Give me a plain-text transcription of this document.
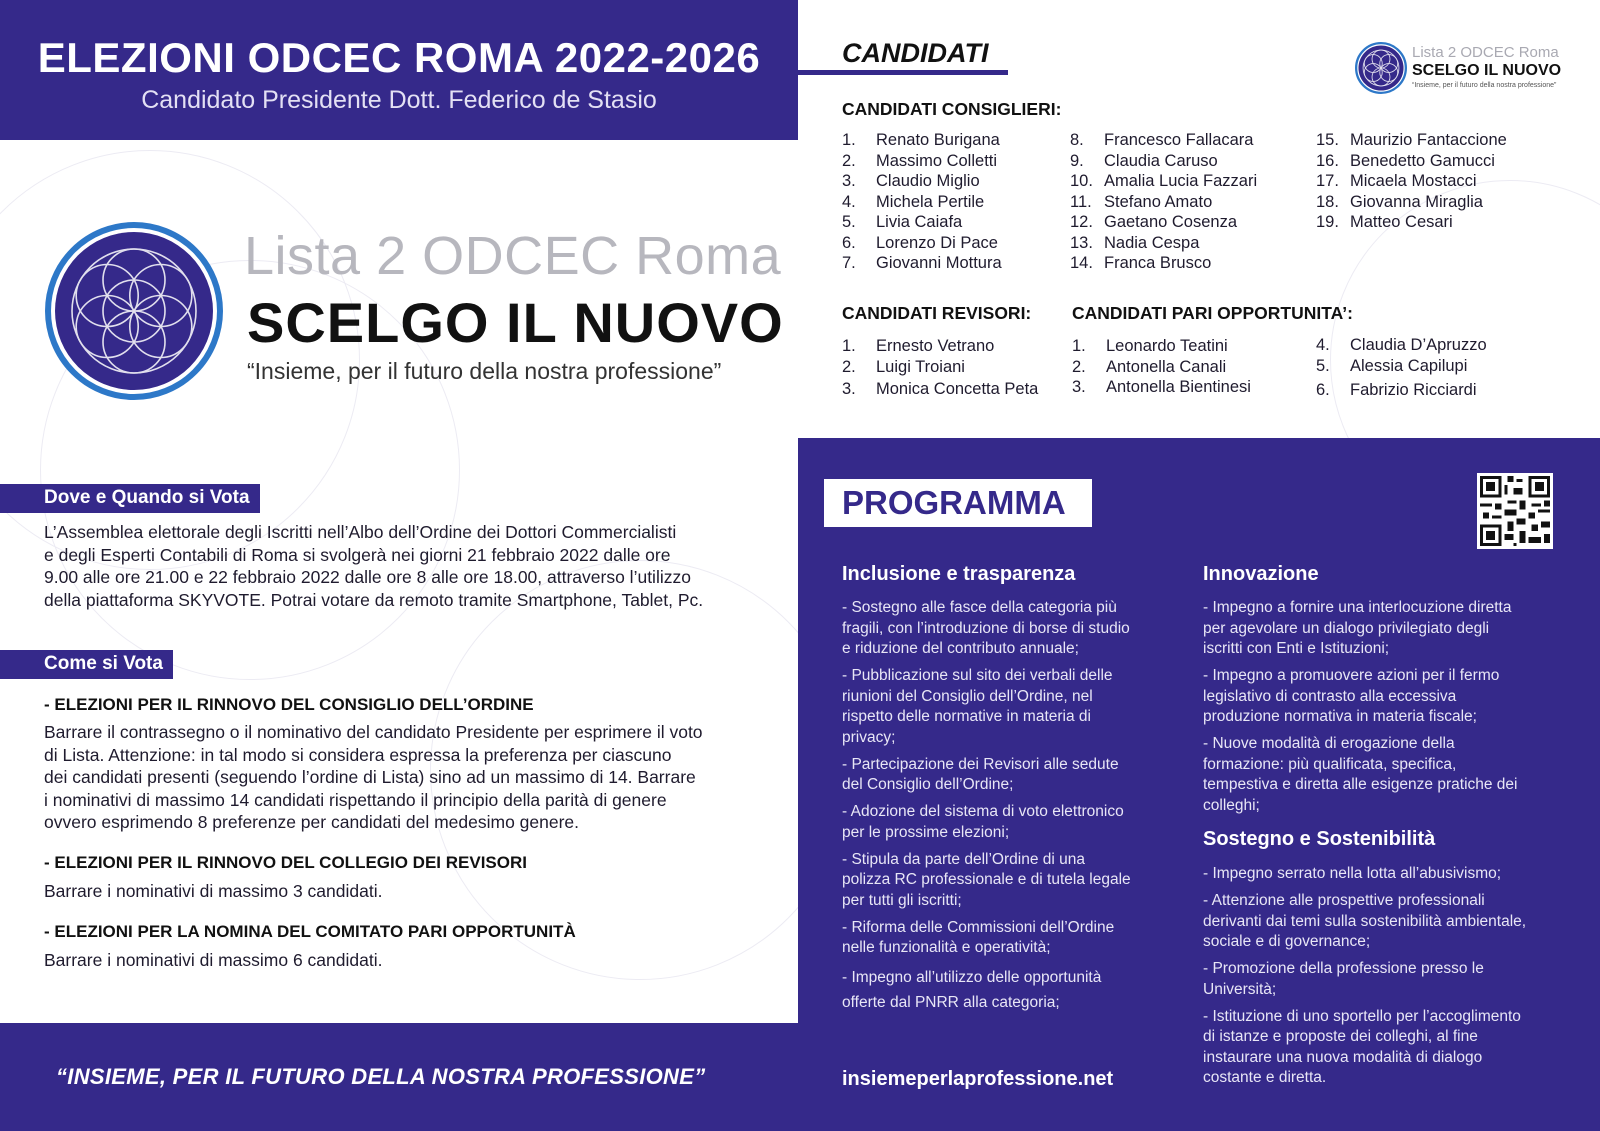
ELEZIONI ODCEC ROMA 2022-2026
Candidato Presidente Dott. Federico de Stasio
Lista 2 ODCEC Roma
SCELGO IL NUOVO
“Insieme, per il futuro della nostra professione”
Dove e Quando si Vota
L’Assemblea elettorale degli Iscritti nell’Albo dell’Ordine dei Dottori Commercialisti
e degli Esperti Contabili di Roma si svolgerà nei giorni 21 febbraio 2022 dalle ore
9.00 alle ore 21.00 e 22 febbraio 2022 dalle ore 8 alle ore 18.00, attraverso l’utilizzo
della piattaforma SKYVOTE. Potrai votare da remoto tramite Smartphone, Tablet, Pc.
Come si Vota
- ELEZIONI PER IL RINNOVO DEL CONSIGLIO DELL’ORDINE
Barrare il contrassegno o il nominativo del candidato Presidente per esprimere il voto
di Lista. Attenzione: in tal modo si considera espressa la preferenza per ciascuno
dei candidati presenti (seguendo l’ordine di Lista) sino ad un massimo di 14. Barrare
i nominativi di massimo 14 candidati rispettando il principio della parità di genere
ovvero esprimendo 8 preferenze per candidati del medesimo genere.
- ELEZIONI PER IL RINNOVO DEL COLLEGIO DEI REVISORI
Barrare i nominativi di massimo 3 candidati.
- ELEZIONI PER LA NOMINA DEL COMITATO PARI OPPORTUNITÀ
Barrare i nominativi di massimo 6 candidati.
“INSIEME, PER IL FUTURO DELLA NOSTRA PROFESSIONE”
CANDIDATI	Lista 2 ODCEC Roma
SCELGO IL NUOVO
“Insieme, per il futuro della nostra professione”
CANDIDATI CONSIGLIERI:
1.	Renato Burigana
2.	Massimo Colletti
3.	Claudio Miglio
4.	Michela Pertile
5.	Livia Caiafa
6.	Lorenzo Di Pace
7.	Giovanni Mottura
8.	Francesco Fallacara
9.	Claudia Caruso
10. Amalia Lucia Fazzari
11. Stefano Amato
12. Gaetano Cosenza
13. Nadia Cespa
14. Franca Brusco
15. Maurizio Fantaccione
16. Benedetto Gamucci
17. Micaela Mostacci
18. Giovanna Miraglia
19. Matteo Cesari
CANDIDATI REVISORI: CANDIDATI PARI OPPORTUNITA’:
1.	Ernesto Vetrano
2.	Luigi Troiani
3.	Monica Concetta Peta
1.	Leonardo Teatini
2.	Antonella Canali
3.	Antonella Bientinesi
4.	Claudia D’Apruzzo
5.	Alessia Capilupi
6.	Fabrizio Ricciardi
PROGRAMMA
Inclusione e trasparenza

- Sostegno alle fasce della categoria più
fragili, con l’introduzione di borse di studio
e riduzione del contributo annuale;

- Pubblicazione sul sito dei verbali delle
riunioni del Consiglio dell’Ordine, nel
rispetto delle normative in materia di
privacy;

- Partecipazione dei Revisori alle sedute
del Consiglio dell’Ordine;

- Adozione del sistema di voto elettronico
per le prossime elezioni;

- Stipula da parte dell’Ordine di una
polizza RC professionale e di tutela legale
per tutti gli iscritti;

- Riforma delle Commissioni dell’Ordine
nelle funzionalità e operatività;

- Impegno all’utilizzo delle opportunità
offerte dal PNRR alla categoria;

Innovazione

- Impegno a fornire una interlocuzione diretta
per agevolare un dialogo privilegiato degli
iscritti con Enti e Istituzioni;

- Impegno a promuovere azioni per il fermo
legislativo di contrasto alla eccessiva
produzione normativa in materia fiscale;

- Nuove modalità di erogazione della
formazione: più qualificata, specifica,
tempestiva e diretta alle esigenze pratiche dei
colleghi;

Sostegno e Sostenibilità

- Impegno serrato nella lotta all’abusivismo;

- Attenzione alle prospettive professionali
derivanti dai temi sulla sostenibilità ambientale,
sociale e di governance;

- Promozione della professione presso le
Università;

- Istituzione di uno sportello per l’accoglimento
di istanze e proposte dei colleghi, al fine
instaurare una nuova modalità di dialogo
costante e diretta.

insiemeperlaprofessione.net
